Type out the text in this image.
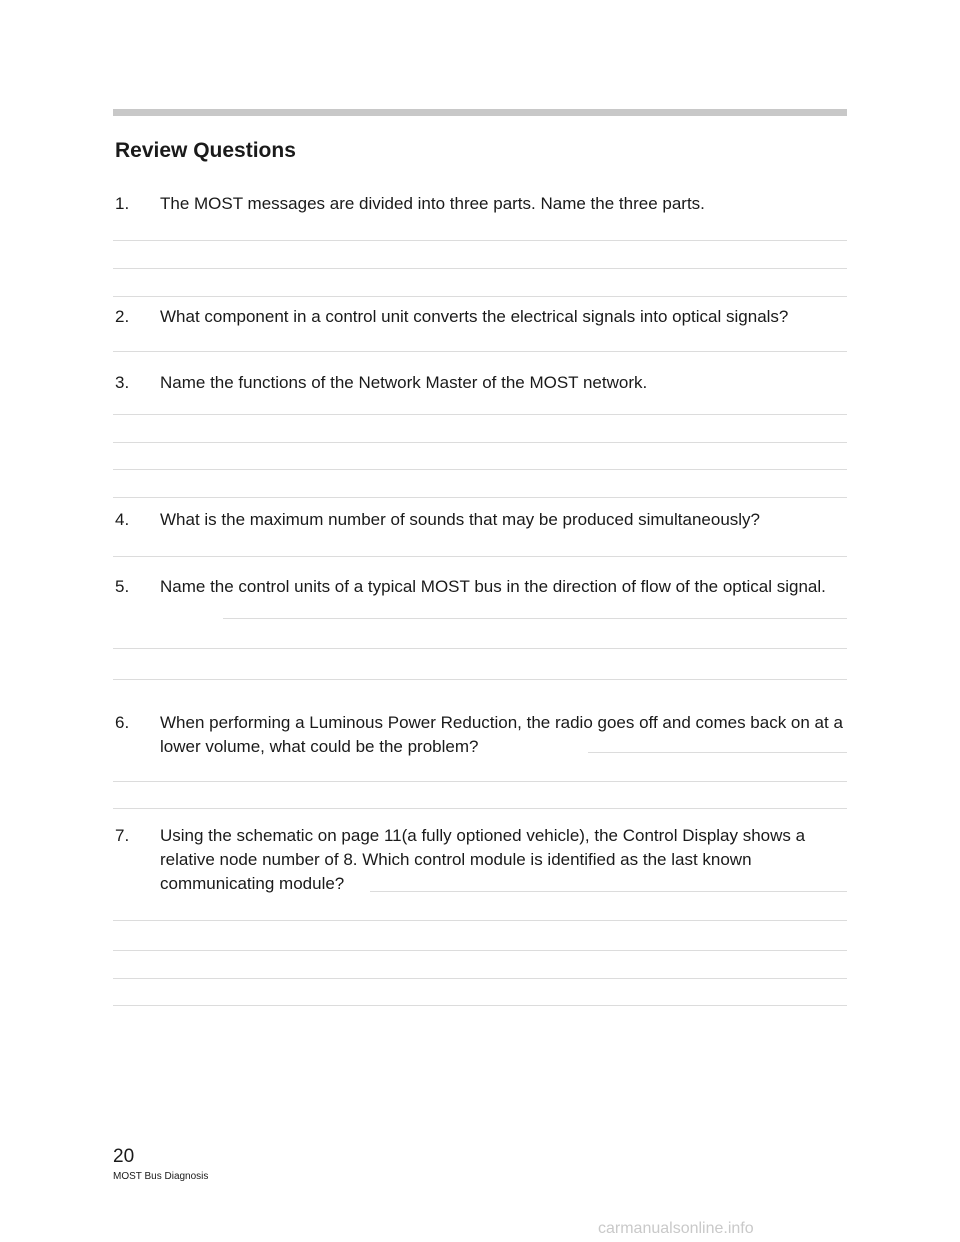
Review Questions
1. The MOST messages are divided into three parts. Name the three parts.
2. What component in a control unit converts the electrical signals into optical signals?
3. Name the functions of the Network Master of the MOST network.
4. What is the maximum number of sounds that may be produced simultaneously?
5. Name the control units of a typical MOST bus in the direction of flow of the optical signal.
6. When performing a Luminous Power Reduction, the radio goes off and comes back on at a lower volume, what could be the problem?
7. Using the schematic on page 11(a fully optioned vehicle), the Control Display shows a relative node number of 8. Which control module is identified as the last known communicating module?
20
MOST Bus Diagnosis
carmanualsonline.info
